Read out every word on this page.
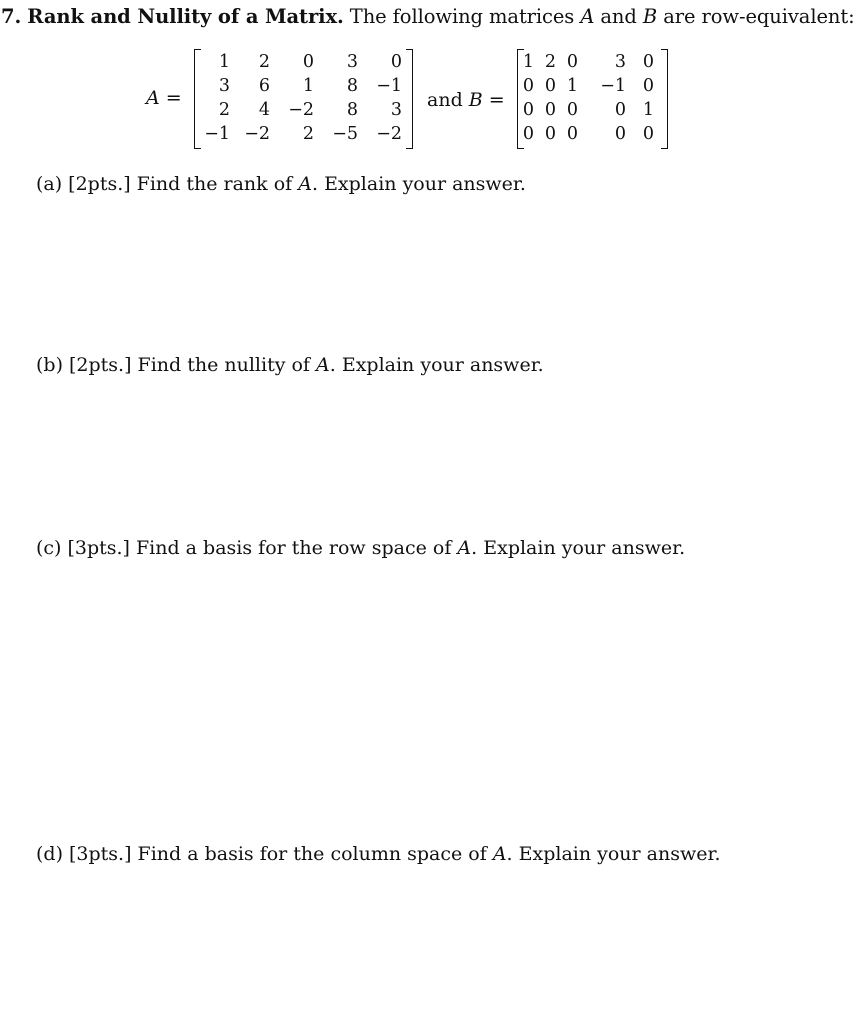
7. Rank and Nullity of a Matrix. The following matrices A and B are row-equivalent:
A =
1	2	0	3	0
3	6	1	8	−1
2	4	−2	8	3
−1	−2	2	−5	−2
and B =
1	2	0	3	0
0	0	1	−1	0
0	0	0	0	1
0	0	0	0	0
(a) [2pts.] Find the rank of A. Explain your answer.
(b) [2pts.] Find the nullity of A. Explain your answer.
(c) [3pts.] Find a basis for the row space of A. Explain your answer.
(d) [3pts.] Find a basis for the column space of A. Explain your answer.
